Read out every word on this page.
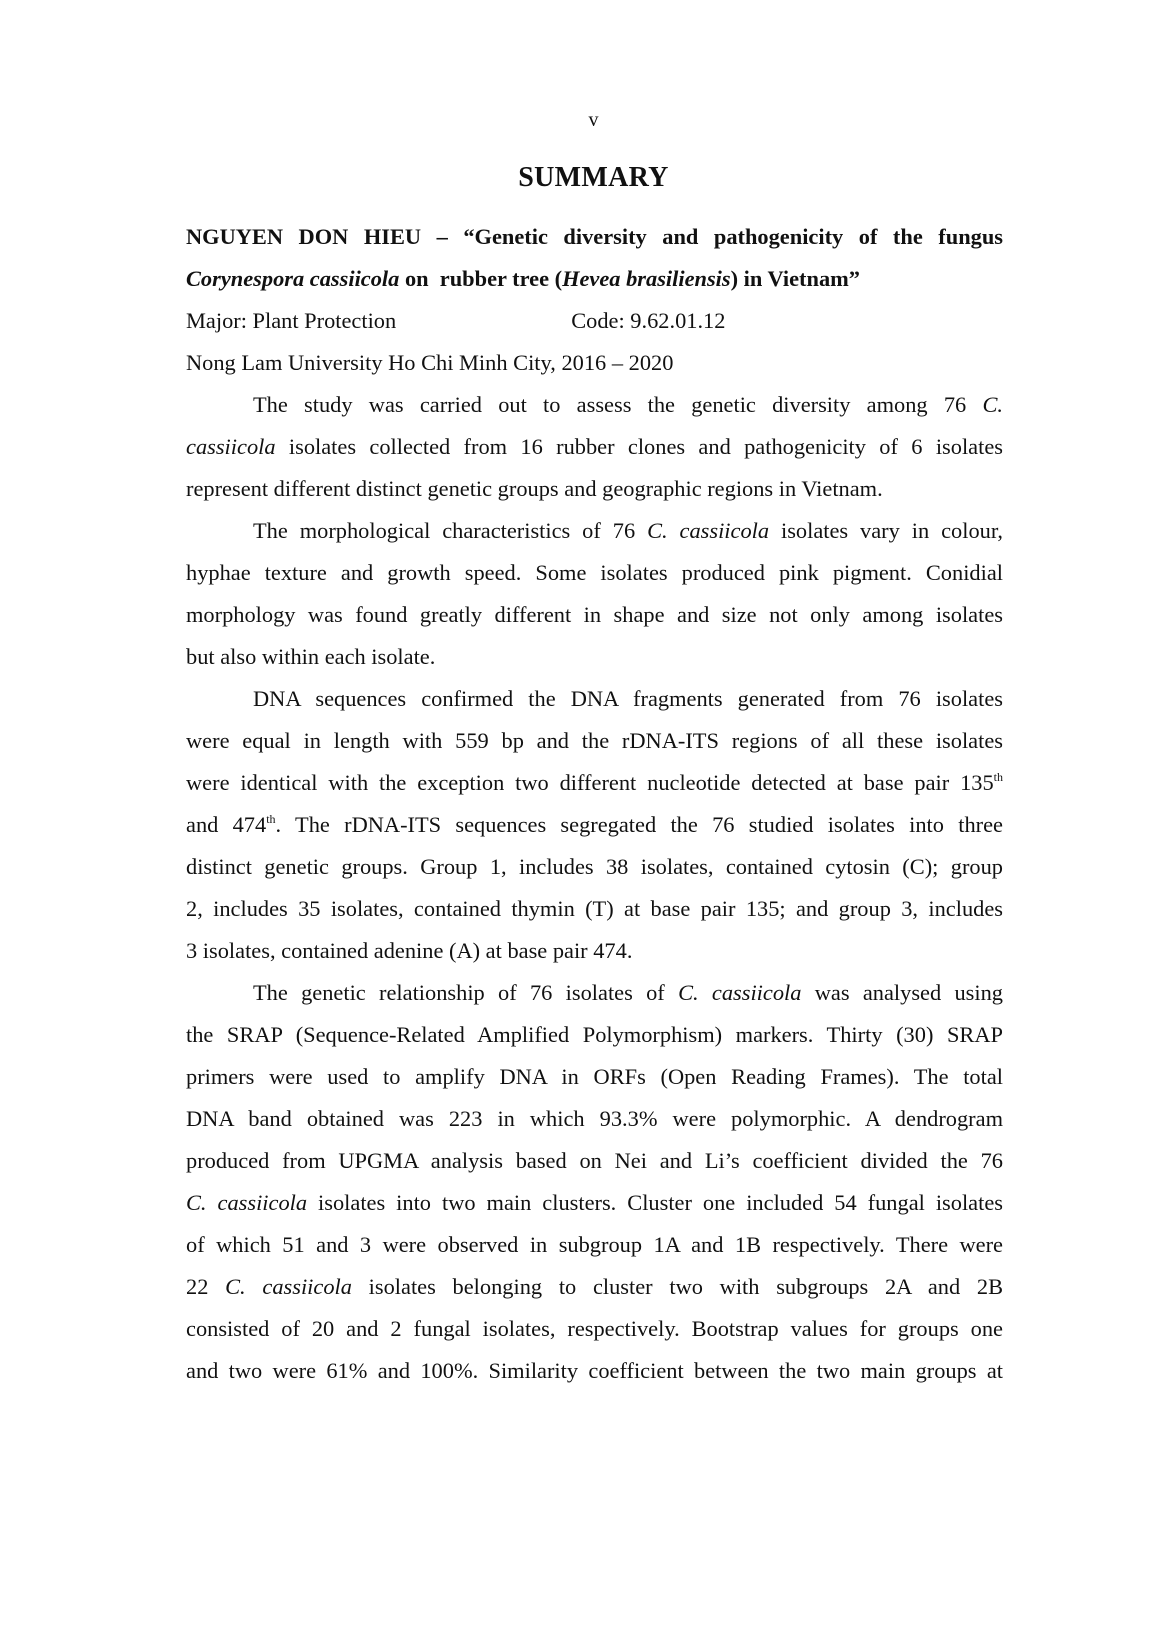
v
SUMMARY
NGUYEN DON HIEU – “Genetic diversity and pathogenicity of the fungus
Corynespora cassiicola on  rubber tree (Hevea brasiliensis) in Vietnam”
Major: Plant Protection	Code: 9.62.01.12
Nong Lam University Ho Chi Minh City, 2016 – 2020
The study was carried out to assess the genetic diversity among 76 C.
cassiicola isolates collected from 16 rubber clones and pathogenicity of 6 isolates
represent different distinct genetic groups and geographic regions in Vietnam.
The morphological characteristics of 76 C. cassiicola isolates vary in colour,
hyphae texture and growth speed. Some isolates produced pink pigment. Conidial
morphology was found greatly different in shape and size not only among isolates
but also within each isolate.
DNA sequences confirmed the DNA fragments generated from 76 isolates
were equal in length with 559 bp and the rDNA-ITS regions of all these isolates
were identical with the exception two different nucleotide detected at base pair 135th
and 474th. The rDNA-ITS sequences segregated the 76 studied isolates into three
distinct genetic groups. Group 1, includes 38 isolates, contained cytosin (C); group
2, includes 35 isolates, contained thymin (T) at base pair 135; and group 3, includes
3 isolates, contained adenine (A) at base pair 474.
The genetic relationship of 76 isolates of C. cassiicola was analysed using
the SRAP (Sequence-Related Amplified Polymorphism) markers. Thirty (30) SRAP
primers were used to amplify DNA in ORFs (Open Reading Frames). The total
DNA band obtained was 223 in which 93.3% were polymorphic. A dendrogram
produced from UPGMA analysis based on Nei and Li’s coefficient divided the 76
C. cassiicola isolates into two main clusters. Cluster one included 54 fungal isolates
of which 51 and 3 were observed in subgroup 1A and 1B respectively. There were
22 C. cassiicola isolates belonging to cluster two with subgroups 2A and 2B
consisted of 20 and 2 fungal isolates, respectively. Bootstrap values for groups one
and two were 61% and 100%. Similarity coefficient between the two main groups at
